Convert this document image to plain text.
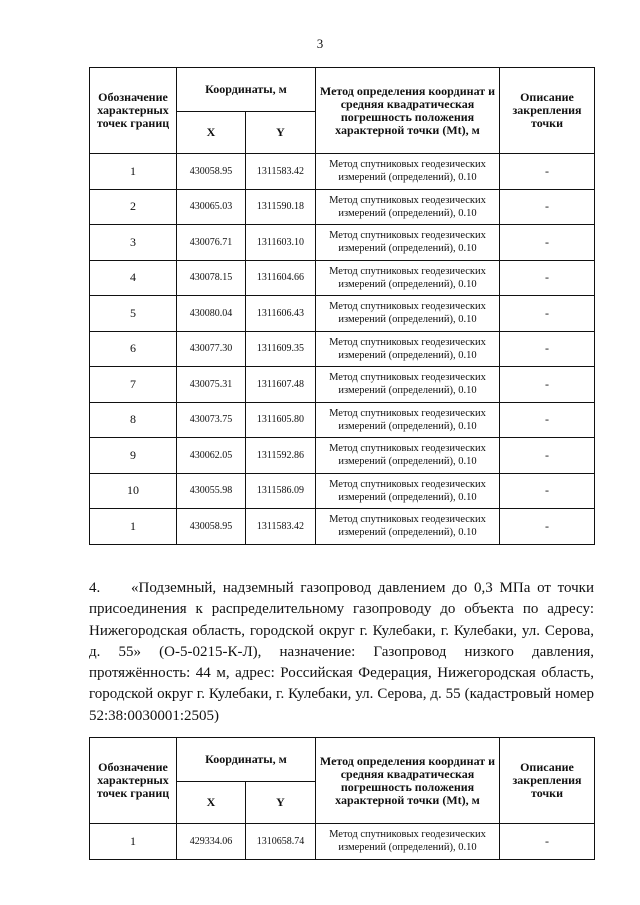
3
Обозначение характерных точек границ	Координаты, м		Метод определения координат и средняя квадратическая погрешность положения характерной точки (Mt), м	Описание закрепления точки
	X	Y		
1	430058.95	1311583.42	Метод спутниковых геодезических измерений (определений), 0.10	-
2	430065.03	1311590.18	Метод спутниковых геодезических измерений (определений), 0.10	-
3	430076.71	1311603.10	Метод спутниковых геодезических измерений (определений), 0.10	-
4	430078.15	1311604.66	Метод спутниковых геодезических измерений (определений), 0.10	-
5	430080.04	1311606.43	Метод спутниковых геодезических измерений (определений), 0.10	-
6	430077.30	1311609.35	Метод спутниковых геодезических измерений (определений), 0.10	-
7	430075.31	1311607.48	Метод спутниковых геодезических измерений (определений), 0.10	-
8	430073.75	1311605.80	Метод спутниковых геодезических измерений (определений), 0.10	-
9	430062.05	1311592.86	Метод спутниковых геодезических измерений (определений), 0.10	-
10	430055.98	1311586.09	Метод спутниковых геодезических измерений (определений), 0.10	-
1	430058.95	1311583.42	Метод спутниковых геодезических измерений (определений), 0.10	-
4. «Подземный, надземный газопровод давлением до 0,3 МПа от точки присоединения к распределительному газопроводу до объекта по адресу: Нижегородская область, городской округ г. Кулебаки, г. Кулебаки, ул. Серова, д. 55» (О-5-0215-К-Л), назначение: Газопровод низкого давления, протяжённость: 44 м, адрес: Российская Федерация, Нижегородская область, городской округ г. Кулебаки, г. Кулебаки, ул. Серова, д. 55 (кадастровый номер 52:38:0030001:2505)
Обозначение характерных точек границ	Координаты, м		Метод определения координат и средняя квадратическая погрешность положения характерной точки (Mt), м	Описание закрепления точки
	X	Y		
1	429334.06	1310658.74	Метод спутниковых геодезических измерений (определений), 0.10	-
